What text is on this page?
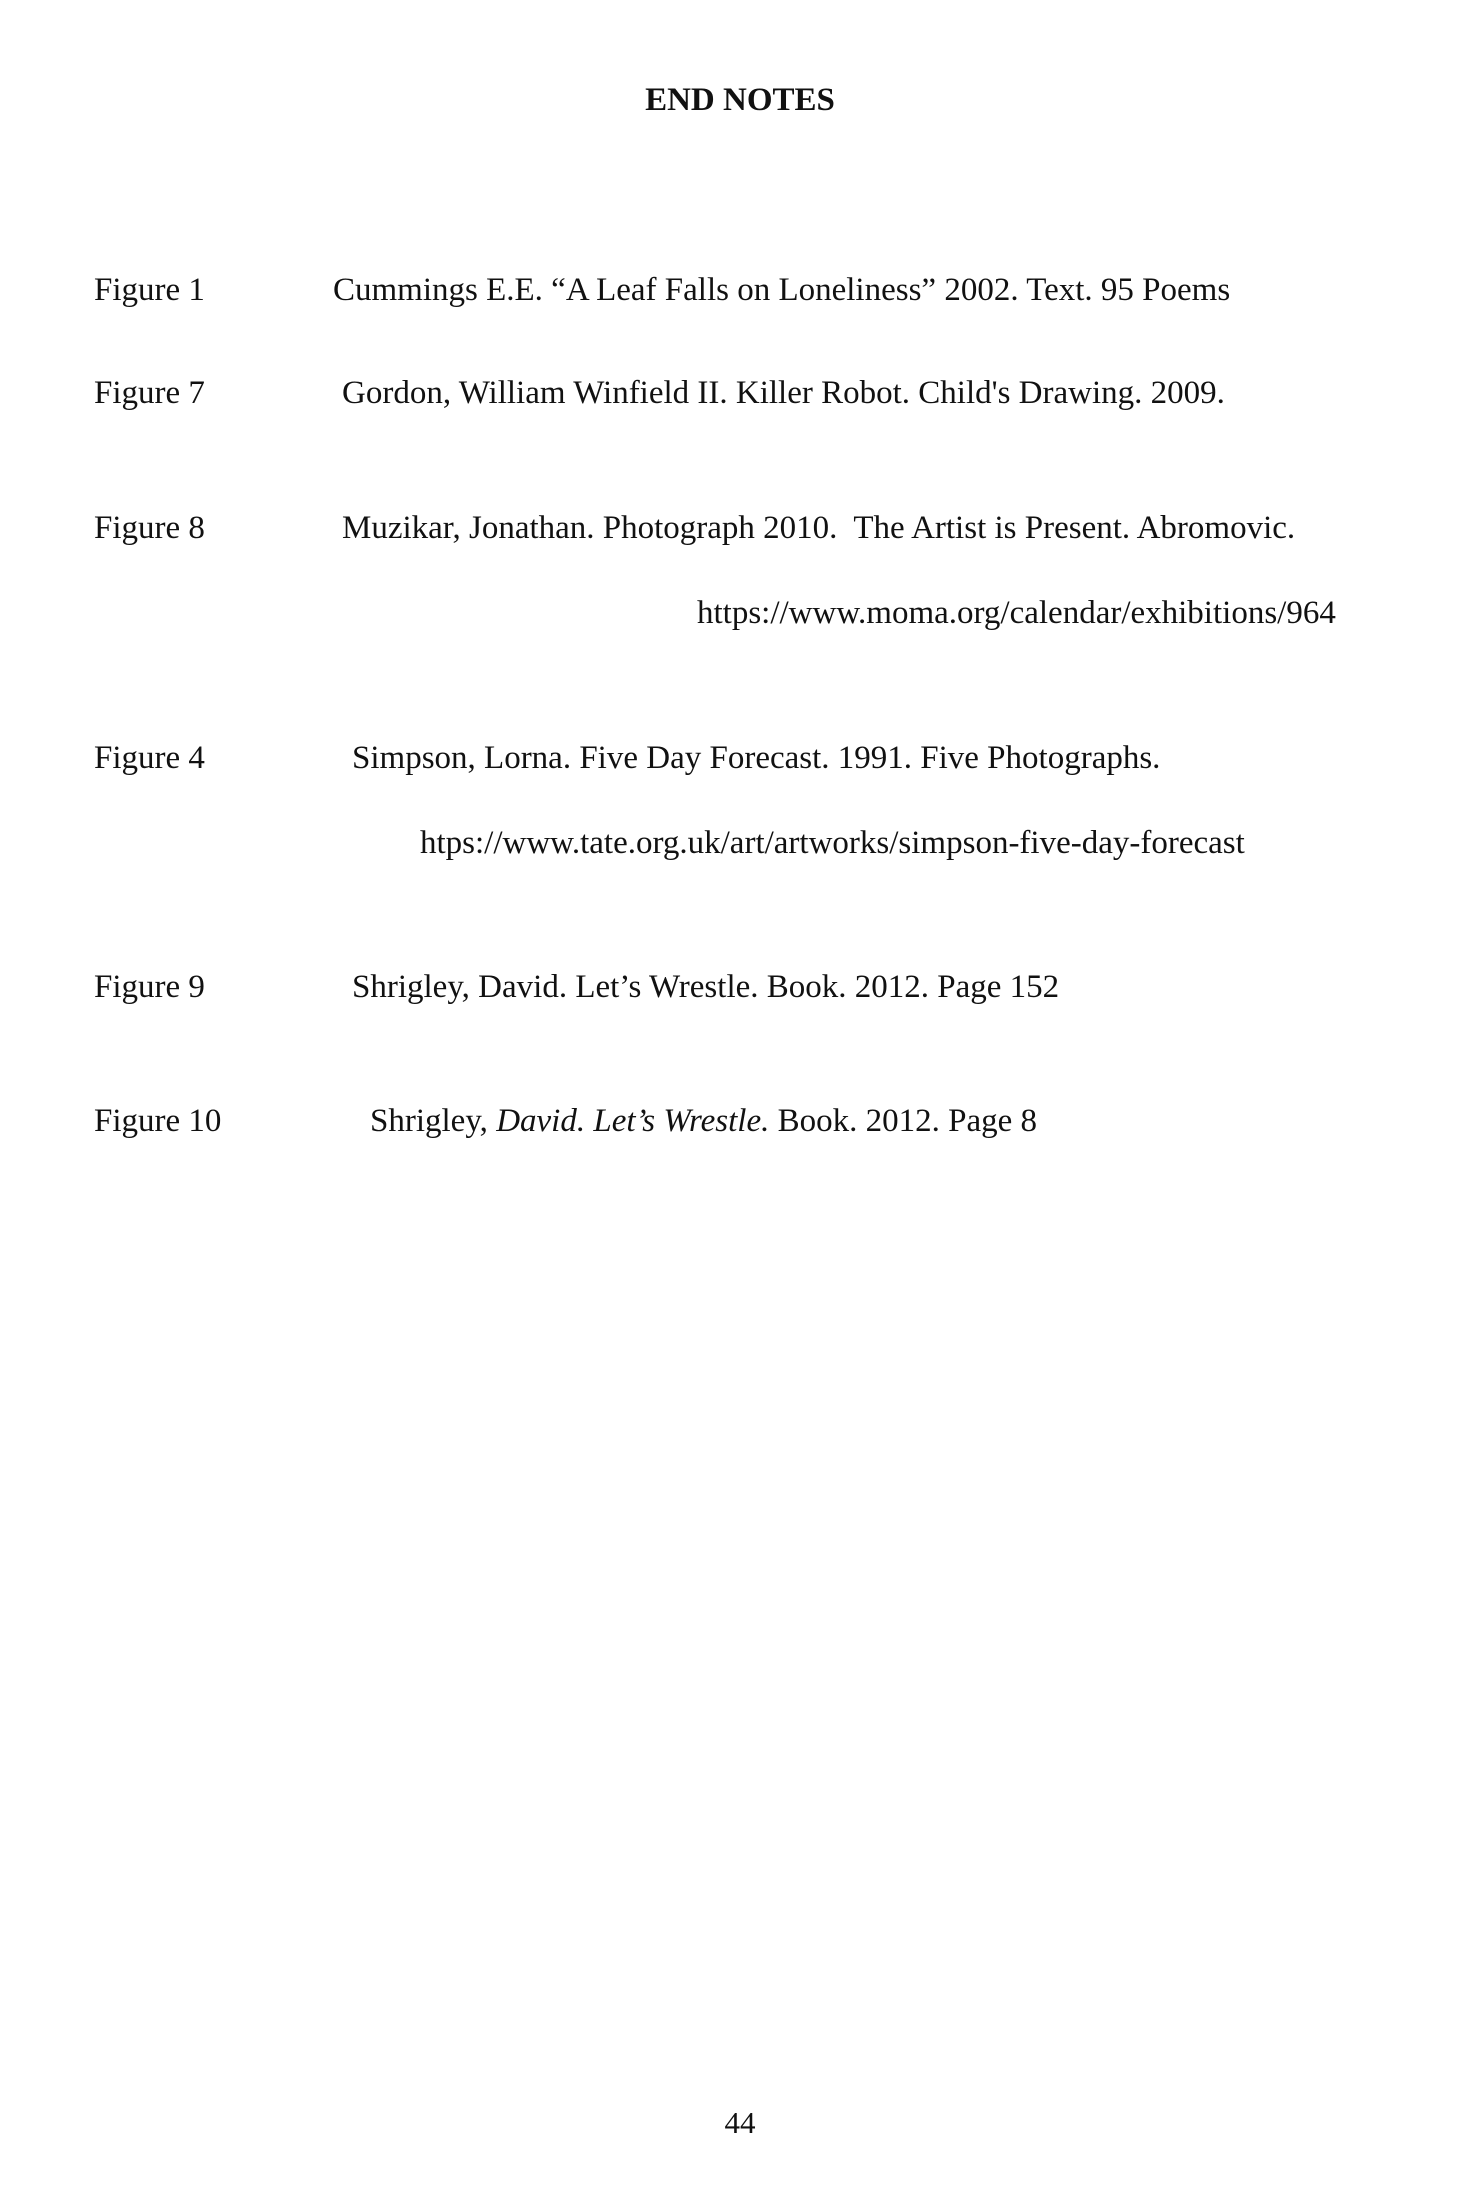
END NOTES
Figure 1	Cummings E.E. “A Leaf Falls on Loneliness” 2002. Text. 95 Poems
Figure 7	Gordon, William Winfield II. Killer Robot. Child's Drawing. 2009.
Figure 8	Muzikar, Jonathan. Photograph 2010.  The Artist is Present. Abromovic.
https://www.moma.org/calendar/exhibitions/964
Figure 4	Simpson, Lorna. Five Day Forecast. 1991. Five Photographs.
htps://www.tate.org.uk/art/artworks/simpson-five-day-forecast
Figure 9	Shrigley, David. Let’s Wrestle. Book. 2012. Page 152
Figure 10	Shrigley, David. Let’s Wrestle. Book. 2012. Page 8
44
